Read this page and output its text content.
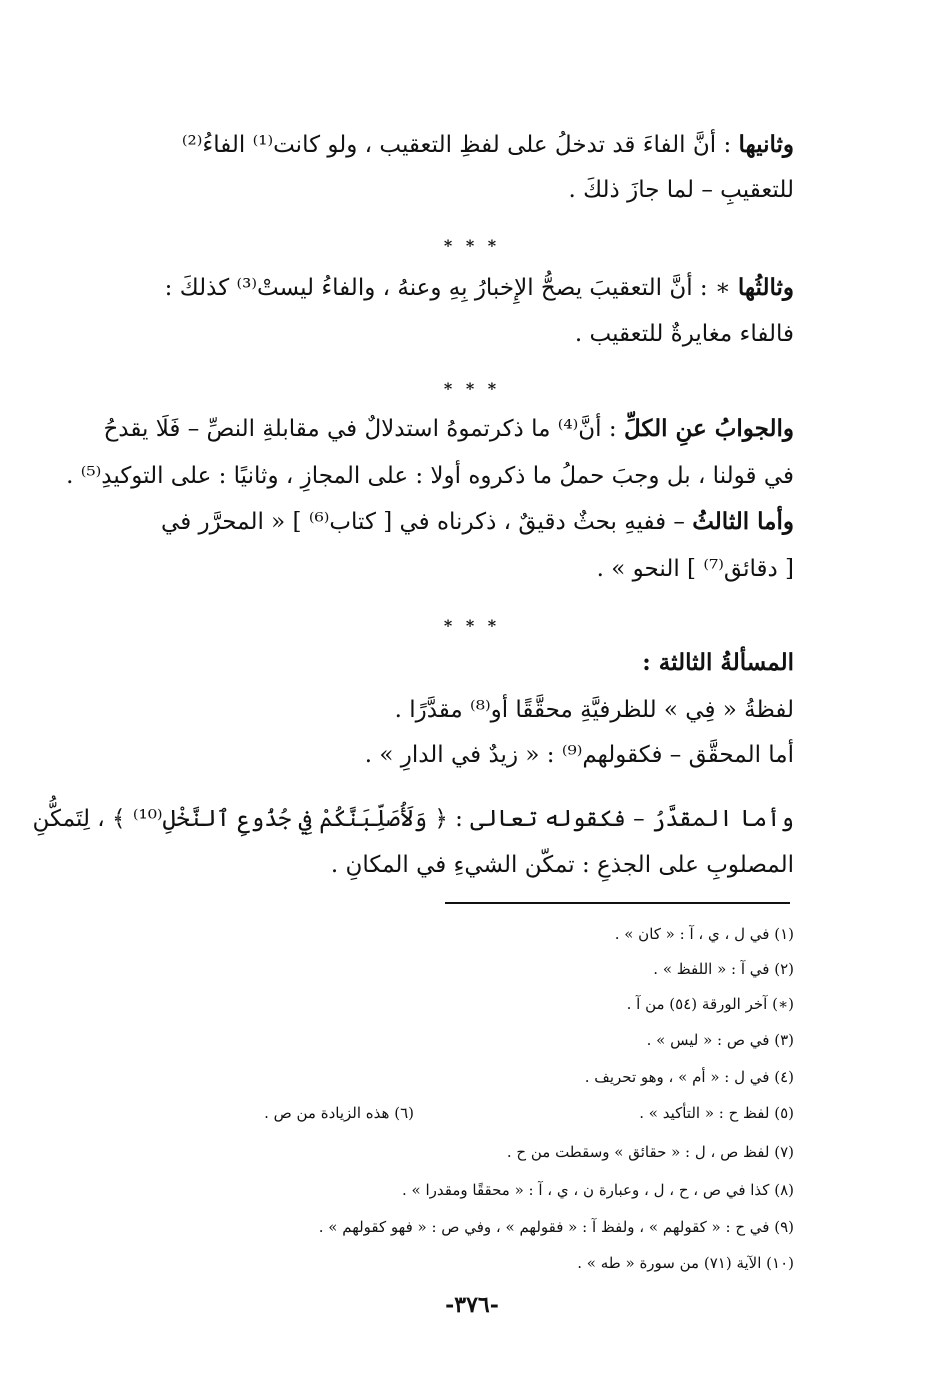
وثانيها : أنَّ الفاءَ قد تدخلُ على لفظِ التعقيب ، ولو كانت⁽¹⁾ الفاءُ⁽²⁾
للتعقيبِ – لما جازَ ذلكَ .
* * *
وثالثُها ∗ : أنَّ التعقيبَ يصحُّ الإِخبارُ بِهِ وعنهُ ، والفاءُ ليستْ⁽³⁾ كذلكَ :
فالفاء مغايرةٌ للتعقيب .
* * *
والجوابُ عنِ الكلِّ : أنَّ⁽⁴⁾ ما ذكرتموهُ استدلالٌ في مقابلةِ النصِّ – فَلَا يقدحُ
في قولنا ، بل وجبَ حملُ ما ذكروه أولا : على المجازِ ، وثانيًا : على التوكيدِ⁽⁵⁾ .
وأما الثالثُ – ففيهِ بحثٌ دقيقٌ ، ذكرناه في [ كتاب⁽⁶⁾ ] « المحرَّر في
[ دقائق⁽⁷⁾ ] النحو » .
* * *
المسألةُ الثالثة :
لفظةُ « فِي » للظرفيَّةِ محقَّقًا أو⁽⁸⁾ مقدَّرًا .
أما المحقَّق – فكقولهم⁽⁹⁾ : « زيدٌ في الدارِ » .
وأما المقدَّرُ – فكقوله تعالى : ﴿ وَلَأُصَلِّبَنَّكُمْ فِي جُذُوعِ ٱلنَّخْلِ⁽¹⁰⁾ ﴾ ، لِتَمكُّنِ
المصلوبِ على الجذعِ : تمكّن الشيءِ في المكانِ .
(١) في ل ، ي ، آ : « كان » .
(٢) في آ : « اللفظ » .
(∗) آخر الورقة (٥٤) من آ .
(٣) في ص : « ليس » .
(٤) في ل : « أم » ، وهو تحريف .
(٥) لفظ ح : « التأكيد » .
(٦) هذه الزيادة من ص .
(٧) لفظ ص ، ل : « حقائق » وسقطت من ح .
(٨) كذا في ص ، ح ، ل ، وعبارة ن ، ي ، آ : « محققًا ومقدرا » .
(٩) في ح : « كقولهم » ، ولفظ آ : « فقولهم » ، وفي ص : « فهو كقولهم » .
(١٠) الآية (٧١) من سورة « طه » .
-٣٧٦-
